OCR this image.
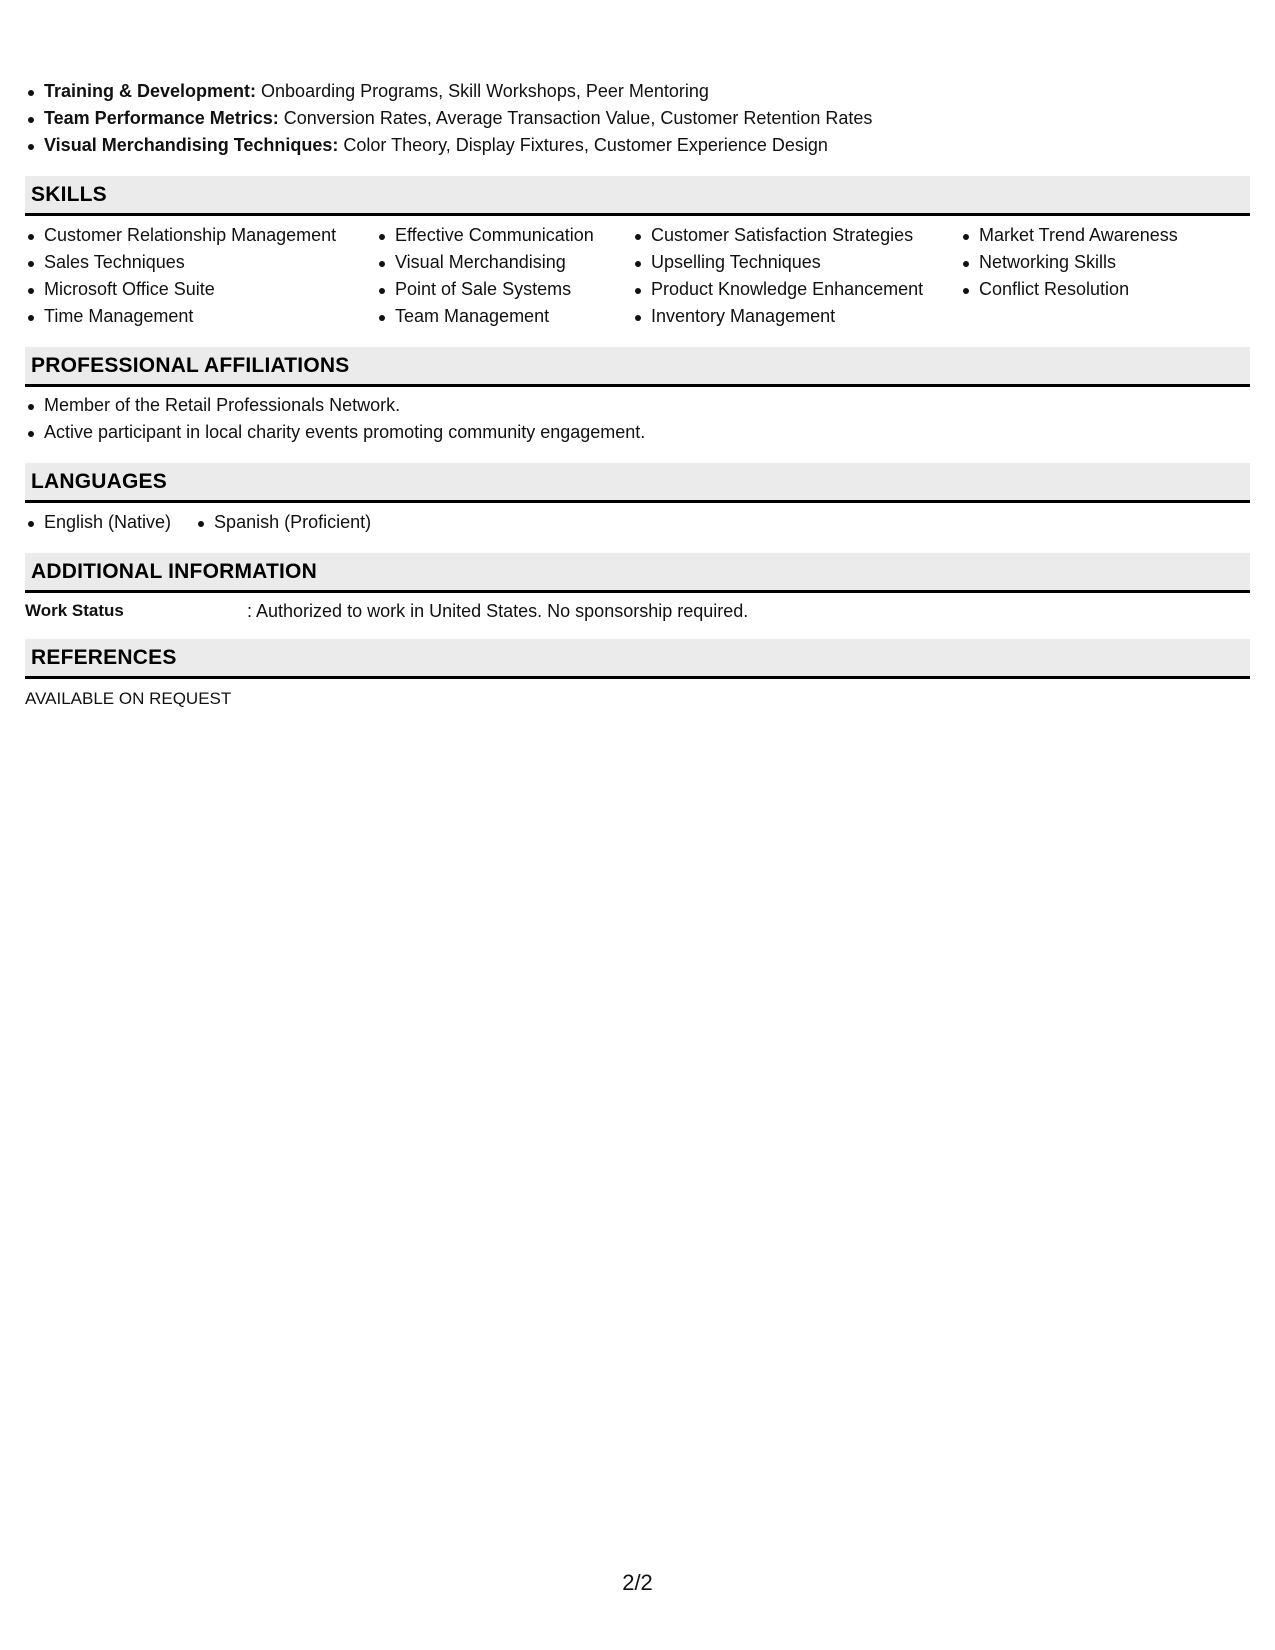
Training & Development: Onboarding Programs, Skill Workshops, Peer Mentoring
Team Performance Metrics: Conversion Rates, Average Transaction Value, Customer Retention Rates
Visual Merchandising Techniques: Color Theory, Display Fixtures, Customer Experience Design
SKILLS
Customer Relationship Management
Sales Techniques
Microsoft Office Suite
Time Management
Effective Communication
Visual Merchandising
Point of Sale Systems
Team Management
Customer Satisfaction Strategies
Upselling Techniques
Product Knowledge Enhancement
Inventory Management
Market Trend Awareness
Networking Skills
Conflict Resolution
PROFESSIONAL AFFILIATIONS
Member of the Retail Professionals Network.
Active participant in local charity events promoting community engagement.
LANGUAGES
English (Native)	Spanish (Proficient)
ADDITIONAL INFORMATION
Work Status	: Authorized to work in United States. No sponsorship required.
REFERENCES
AVAILABLE ON REQUEST
2/2
